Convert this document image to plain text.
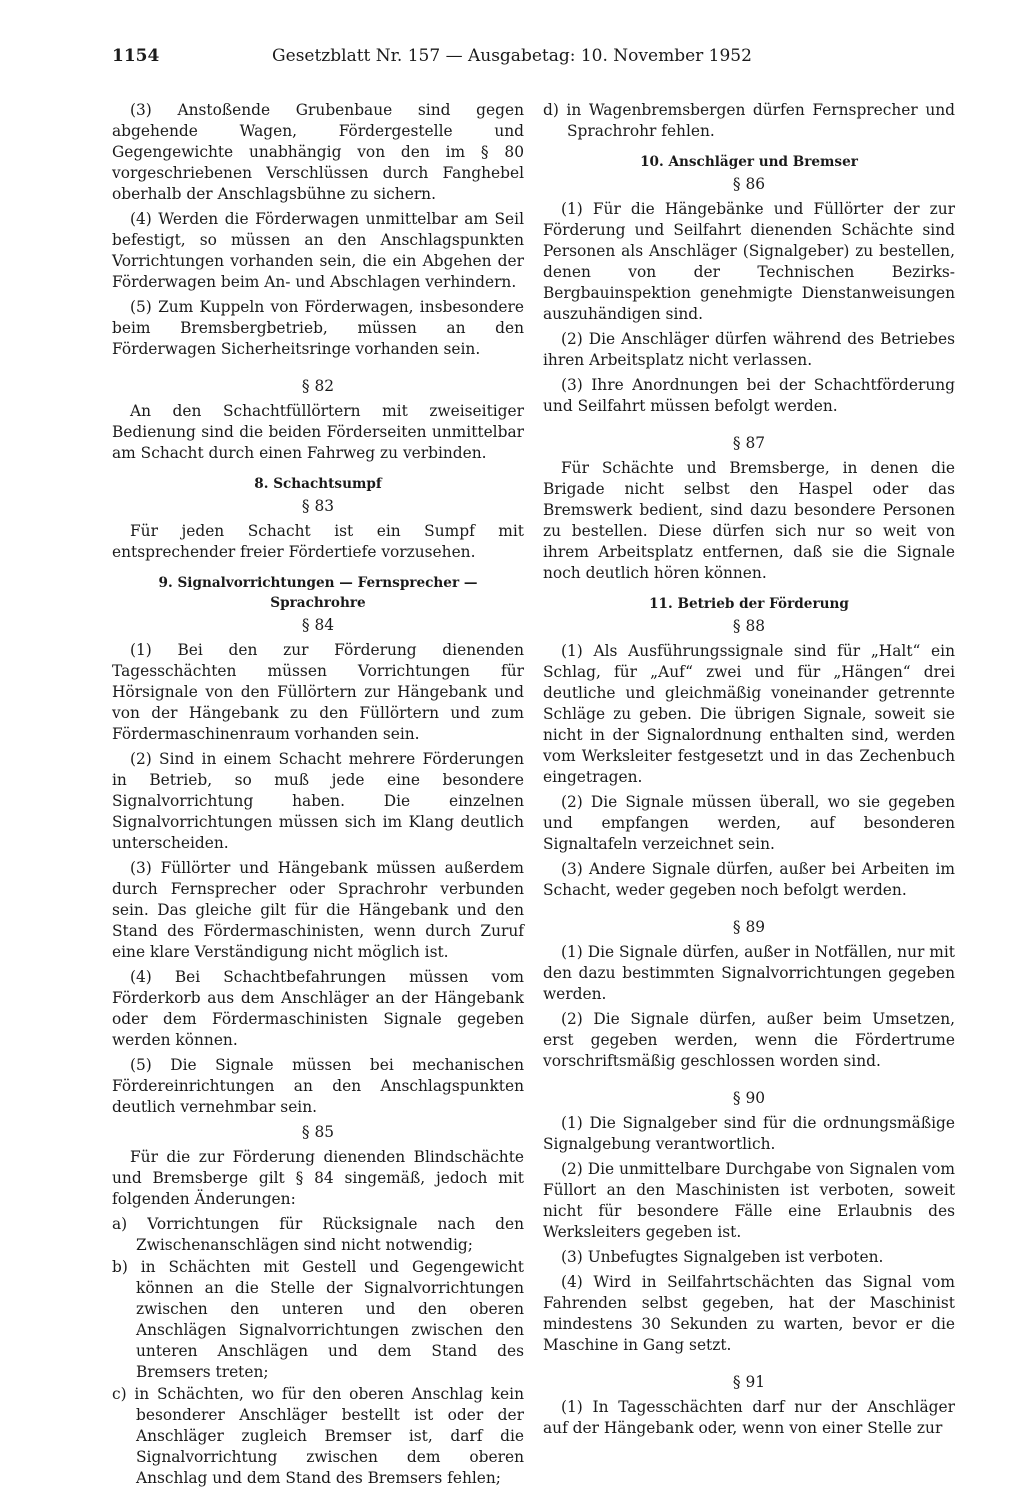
1154	Gesetzblatt Nr. 157 — Ausgabetag: 10. November 1952

(3) Anstoßende Grubenbaue sind gegen abgehende Wagen, Fördergestelle und Gegengewichte unabhängig von den im § 80 vorgeschriebenen Verschlüssen durch Fanghebel oberhalb der Anschlagsbühne zu sichern.

(4) Werden die Förderwagen unmittelbar am Seil befestigt, so müssen an den Anschlagspunkten Vorrichtungen vorhanden sein, die ein Abgehen der Förderwagen beim An- und Abschlagen verhindern.

(5) Zum Kuppeln von Förderwagen, insbesondere beim Bremsbergbetrieb, müssen an den Förderwagen Sicherheitsringe vorhanden sein.

§ 82

An den Schachtfüllörtern mit zweiseitiger Bedienung sind die beiden Förderseiten unmittelbar am Schacht durch einen Fahrweg zu verbinden.

8. Schachtsumpf

§ 83

Für jeden Schacht ist ein Sumpf mit entsprechender freier Fördertiefe vorzusehen.

9. Signalvorrichtungen — Fernsprecher — Sprachrohre

§ 84

(1) Bei den zur Förderung dienenden Tagesschächten müssen Vorrichtungen für Hörsignale von den Füllörtern zur Hängebank und von der Hängebank zu den Füllörtern und zum Fördermaschinenraum vorhanden sein.

(2) Sind in einem Schacht mehrere Förderungen in Betrieb, so muß jede eine besondere Signalvorrichtung haben. Die einzelnen Signalvorrichtungen müssen sich im Klang deutlich unterscheiden.

(3) Füllörter und Hängebank müssen außerdem durch Fernsprecher oder Sprachrohr verbunden sein. Das gleiche gilt für die Hängebank und den Stand des Fördermaschinisten, wenn durch Zuruf eine klare Verständigung nicht möglich ist.

(4) Bei Schachtbefahrungen müssen vom Förderkorb aus dem Anschläger an der Hängebank oder dem Fördermaschinisten Signale gegeben werden können.

(5) Die Signale müssen bei mechanischen Fördereinrichtungen an den Anschlagspunkten deutlich vernehmbar sein.

§ 85

Für die zur Förderung dienenden Blindschächte und Bremsberge gilt § 84 singemäß, jedoch mit folgenden Änderungen:

a) Vorrichtungen für Rücksignale nach den Zwischenanschlägen sind nicht notwendig;

b) in Schächten mit Gestell und Gegengewicht können an die Stelle der Signalvorrichtungen zwischen den unteren und den oberen Anschlägen Signalvorrichtungen zwischen den unteren Anschlägen und dem Stand des Bremsers treten;

c) in Schächten, wo für den oberen Anschlag kein besonderer Anschläger bestellt ist oder der Anschläger zugleich Bremser ist, darf die Signalvorrichtung zwischen dem oberen Anschlag und dem Stand des Bremsers fehlen;

d) in Wagenbremsbergen dürfen Fernsprecher und Sprachrohr fehlen.

10. Anschläger und Bremser

§ 86

(1) Für die Hängebänke und Füllörter der zur Förderung und Seilfahrt dienenden Schächte sind Personen als Anschläger (Signalgeber) zu bestellen, denen von der Technischen Bezirks-Bergbauinspektion genehmigte Dienstanweisungen auszuhändigen sind.

(2) Die Anschläger dürfen während des Betriebes ihren Arbeitsplatz nicht verlassen.

(3) Ihre Anordnungen bei der Schachtförderung und Seilfahrt müssen befolgt werden.

§ 87

Für Schächte und Bremsberge, in denen die Brigade nicht selbst den Haspel oder das Bremswerk bedient, sind dazu besondere Personen zu bestellen. Diese dürfen sich nur so weit von ihrem Arbeitsplatz entfernen, daß sie die Signale noch deutlich hören können.

11. Betrieb der Förderung

§ 88

(1) Als Ausführungssignale sind für „Halt“ ein Schlag, für „Auf“ zwei und für „Hängen“ drei deutliche und gleichmäßig voneinander getrennte Schläge zu geben. Die übrigen Signale, soweit sie nicht in der Signalordnung enthalten sind, werden vom Werksleiter festgesetzt und in das Zechenbuch eingetragen.

(2) Die Signale müssen überall, wo sie gegeben und empfangen werden, auf besonderen Signaltafeln verzeichnet sein.

(3) Andere Signale dürfen, außer bei Arbeiten im Schacht, weder gegeben noch befolgt werden.

§ 89

(1) Die Signale dürfen, außer in Notfällen, nur mit den dazu bestimmten Signalvorrichtungen gegeben werden.

(2) Die Signale dürfen, außer beim Umsetzen, erst gegeben werden, wenn die Fördertrume vorschriftsmäßig geschlossen worden sind.

§ 90

(1) Die Signalgeber sind für die ordnungsmäßige Signalgebung verantwortlich.

(2) Die unmittelbare Durchgabe von Signalen vom Füllort an den Maschinisten ist verboten, soweit nicht für besondere Fälle eine Erlaubnis des Werksleiters gegeben ist.

(3) Unbefugtes Signalgeben ist verboten.

(4) Wird in Seilfahrtschächten das Signal vom Fahrenden selbst gegeben, hat der Maschinist mindestens 30 Sekunden zu warten, bevor er die Maschine in Gang setzt.

§ 91

(1) In Tagesschächten darf nur der Anschläger auf der Hängebank oder, wenn von einer Stelle zur
